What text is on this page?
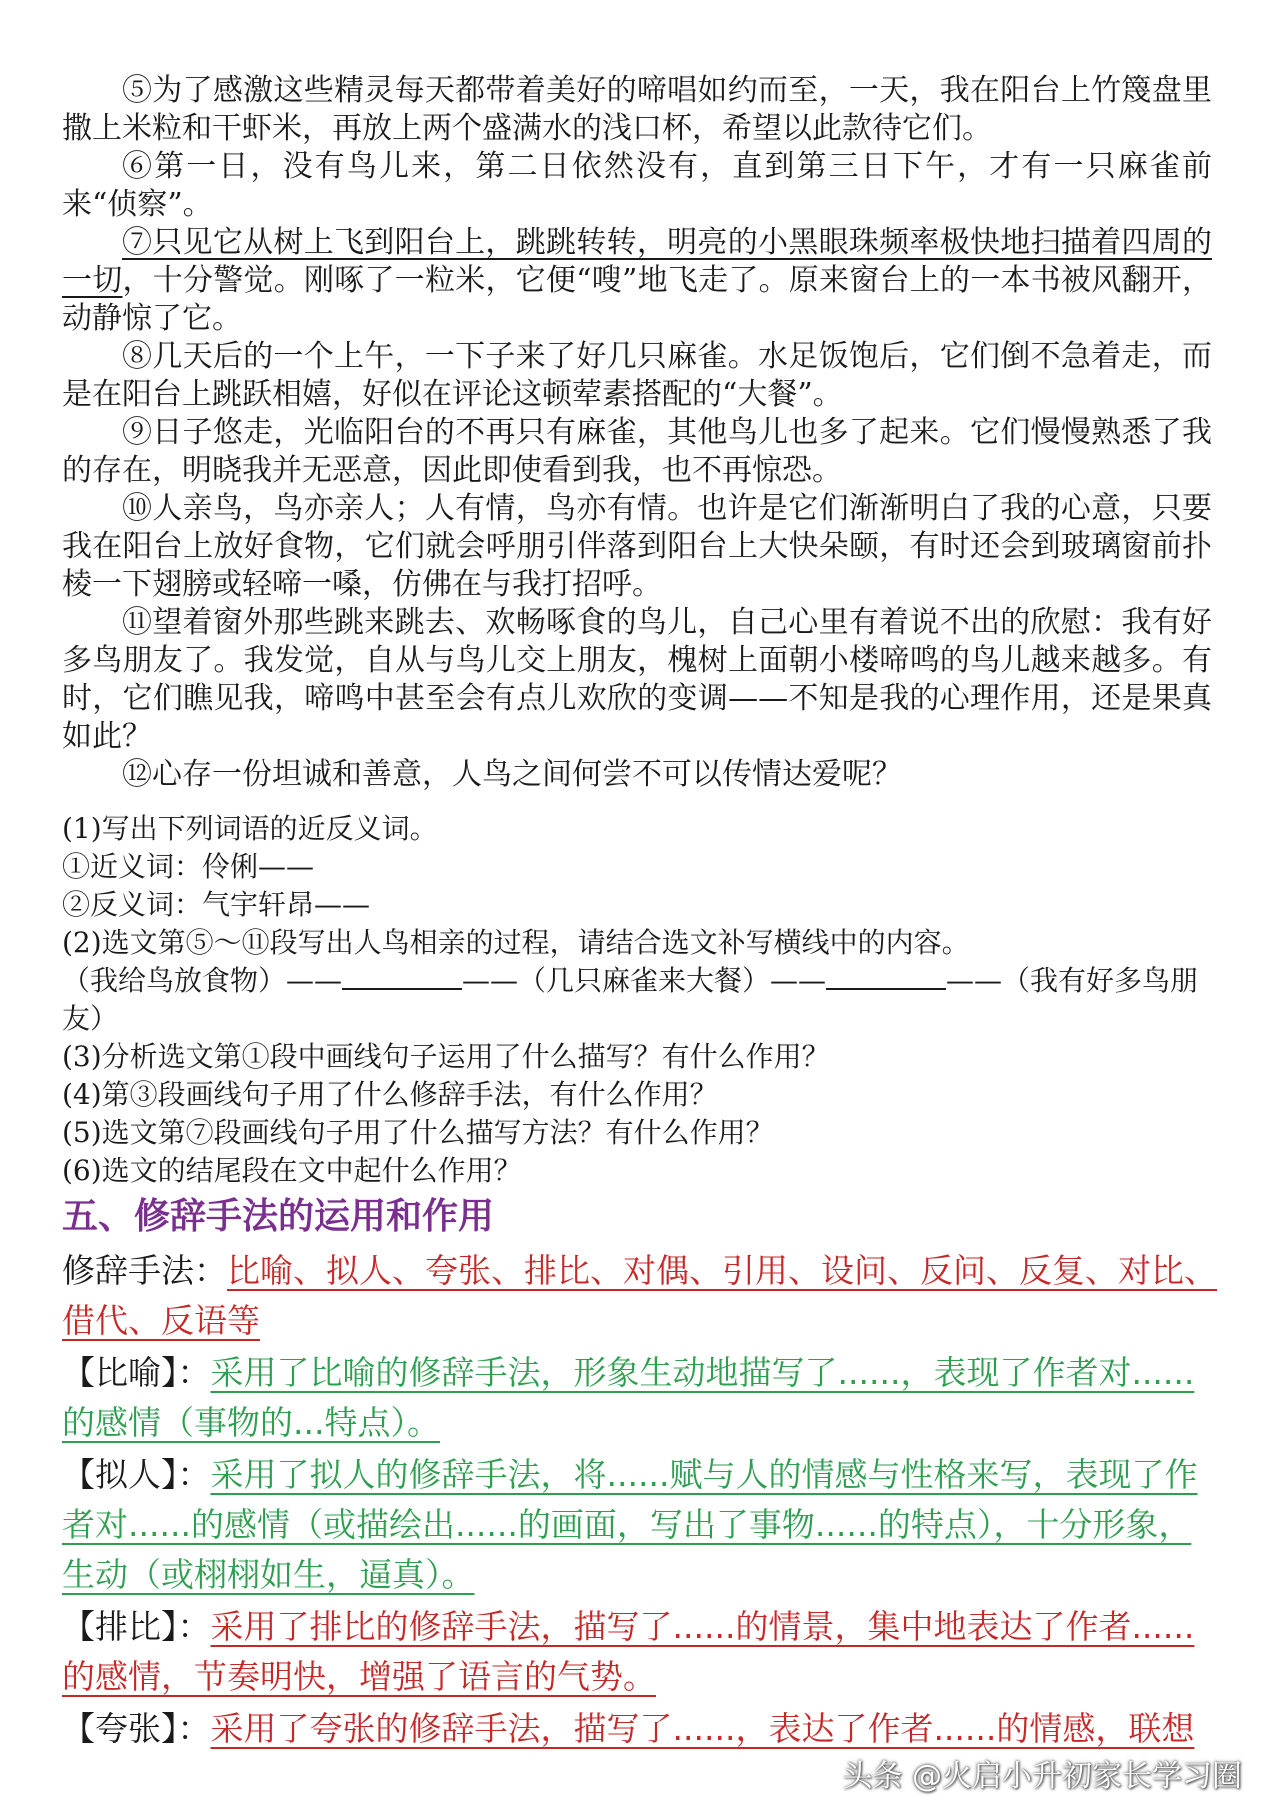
⑤为了感激这些精灵每天都带着美好的啼唱如约而至，一天，我在阳台上竹篾盘里撒上米粒和干虾米，再放上两个盛满水的浅口杯，希望以此款待它们。

⑥第一日，没有鸟儿来，第二日依然没有，直到第三日下午，才有一只麻雀前来“侦察”。

⑦只见它从树上飞到阳台上，跳跳转转，明亮的小黑眼珠频率极快地扫描着四周的一切，十分警觉。刚啄了一粒米，它便“嗖”地飞走了。原来窗台上的一本书被风翻开，动静惊了它。

⑧几天后的一个上午，一下子来了好几只麻雀。水足饭饱后，它们倒不急着走，而是在阳台上跳跃相嬉，好似在评论这顿荤素搭配的“大餐”。

⑨日子悠走，光临阳台的不再只有麻雀，其他鸟儿也多了起来。它们慢慢熟悉了我的存在，明晓我并无恶意，因此即使看到我，也不再惊恐。

⑩人亲鸟，鸟亦亲人；人有情，鸟亦有情。也许是它们渐渐明白了我的心意，只要我在阳台上放好食物，它们就会呼朋引伴落到阳台上大快朵颐，有时还会到玻璃窗前扑棱一下翅膀或轻啼一嗓，仿佛在与我打招呼。

⑪望着窗外那些跳来跳去、欢畅啄食的鸟儿，自己心里有着说不出的欣慰：我有好多鸟朋友了。我发觉，自从与鸟儿交上朋友，槐树上面朝小楼啼鸣的鸟儿越来越多。有时，它们瞧见我，啼鸣中甚至会有点儿欢欣的变调——不知是我的心理作用，还是果真如此？

⑫心存一份坦诚和善意，人鸟之间何尝不可以传情达爱呢？

(1)写出下列词语的近反义词。

①近义词：伶俐——

②反义词：气宇轩昂——

(2)选文第⑤～⑪段写出人鸟相亲的过程，请结合选文补写横线中的内容。

（我给鸟放食物）——	——（几只麻雀来大餐）——	——（我有好多鸟朋友）

(3)分析选文第①段中画线句子运用了什么描写？有什么作用？

(4)第③段画线句子用了什么修辞手法，有什么作用？

(5)选文第⑦段画线句子用了什么描写方法？有什么作用？

(6)选文的结尾段在文中起什么作用？

五、修辞手法的运用和作用

修辞手法：比喻、拟人、夸张、排比、对偶、引用、设问、反问、反复、对比、借代、反语等

【比喻】：采用了比喻的修辞手法，形象生动地描写了......，表现了作者对......的感情（事物的...特点）。

【拟人】：采用了拟人的修辞手法，将......赋与人的情感与性格来写，表现了作者对......的感情（或描绘出......的画面，写出了事物......的特点），十分形象，生动（或栩栩如生，逼真）。

【排比】：采用了排比的修辞手法，描写了......的情景，集中地表达了作者......的感情，节奏明快，增强了语言的气势。

【夸张】：采用了夸张的修辞手法，描写了......，表达了作者......的情感，联想

头条 @火启小升初家长学习圈
